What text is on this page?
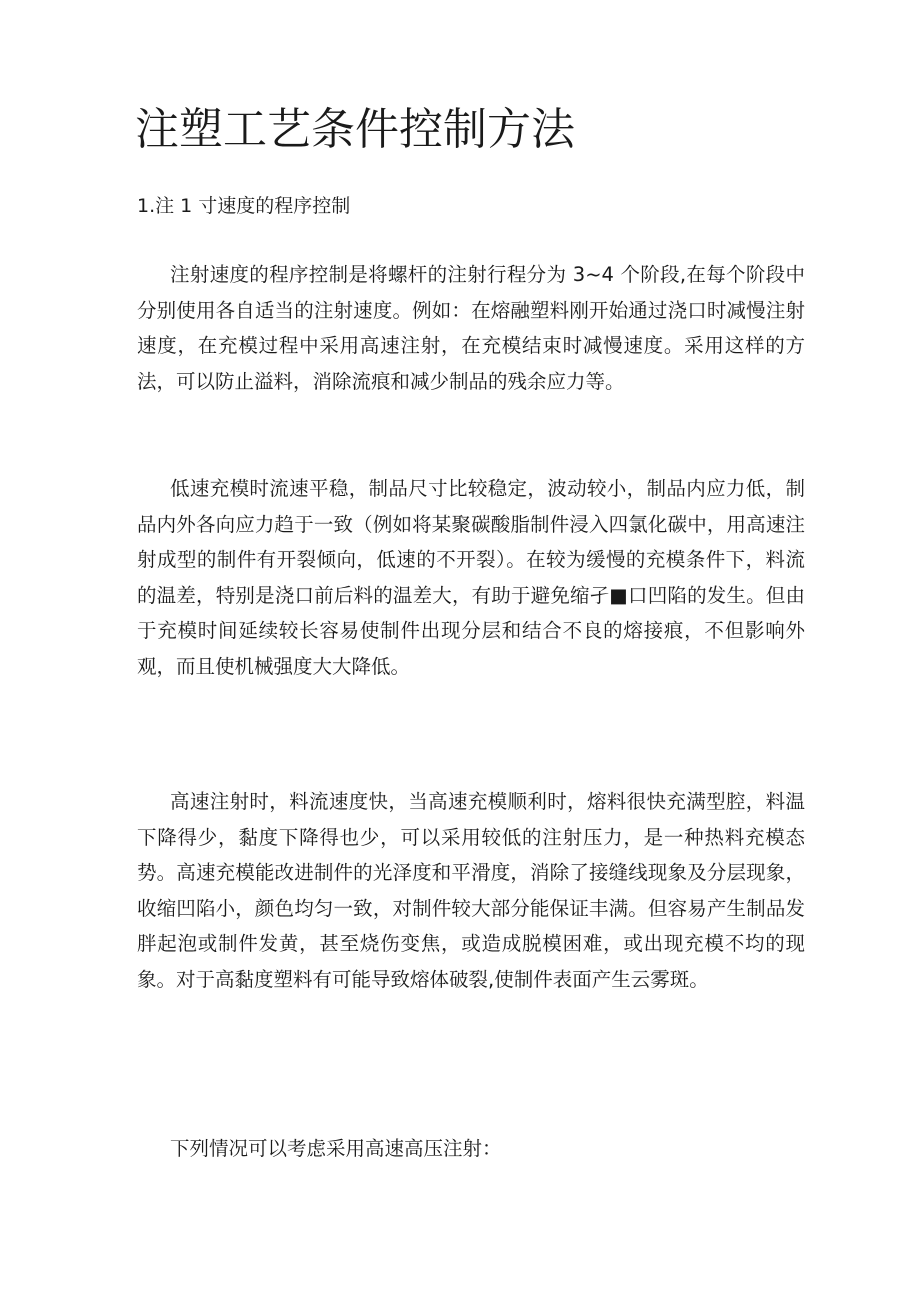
注塑工艺条件控制方法
1.注 1 寸速度的程序控制

注射速度的程序控制是将螺杆的注射行程分为 3~4 个阶段,在每个阶段中分别使用各自适当的注射速度。例如：在熔融塑料刚开始通过浇口时减慢注射速度，在充模过程中采用高速注射，在充模结束时减慢速度。采用这样的方法，可以防止溢料，消除流痕和减少制品的残余应力等。

低速充模时流速平稳，制品尺寸比较稳定，波动较小，制品内应力低，制品内外各向应力趋于一致（例如将某聚碳酸脂制件浸入四氯化碳中，用高速注射成型的制件有开裂倾向，低速的不开裂）。在较为缓慢的充模条件下，料流的温差，特别是浇口前后料的温差大，有助于避免缩孑■口凹陷的发生。但由于充模时间延续较长容易使制件出现分层和结合不良的熔接痕，不但影响外观，而且使机械强度大大降低。

高速注射时，料流速度快，当高速充模顺利时，熔料很快充满型腔，料温下降得少，黏度下降得也少，可以采用较低的注射压力，是一种热料充模态势。高速充模能改进制件的光泽度和平滑度，消除了接缝线现象及分层现象，收缩凹陷小，颜色均匀一致，对制件较大部分能保证丰满。但容易产生制品发胖起泡或制件发黄，甚至烧伤变焦，或造成脱模困难，或出现充模不均的现象。对于高黏度塑料有可能导致熔体破裂,使制件表面产生云雾斑。

下列情况可以考虑采用高速高压注射：
